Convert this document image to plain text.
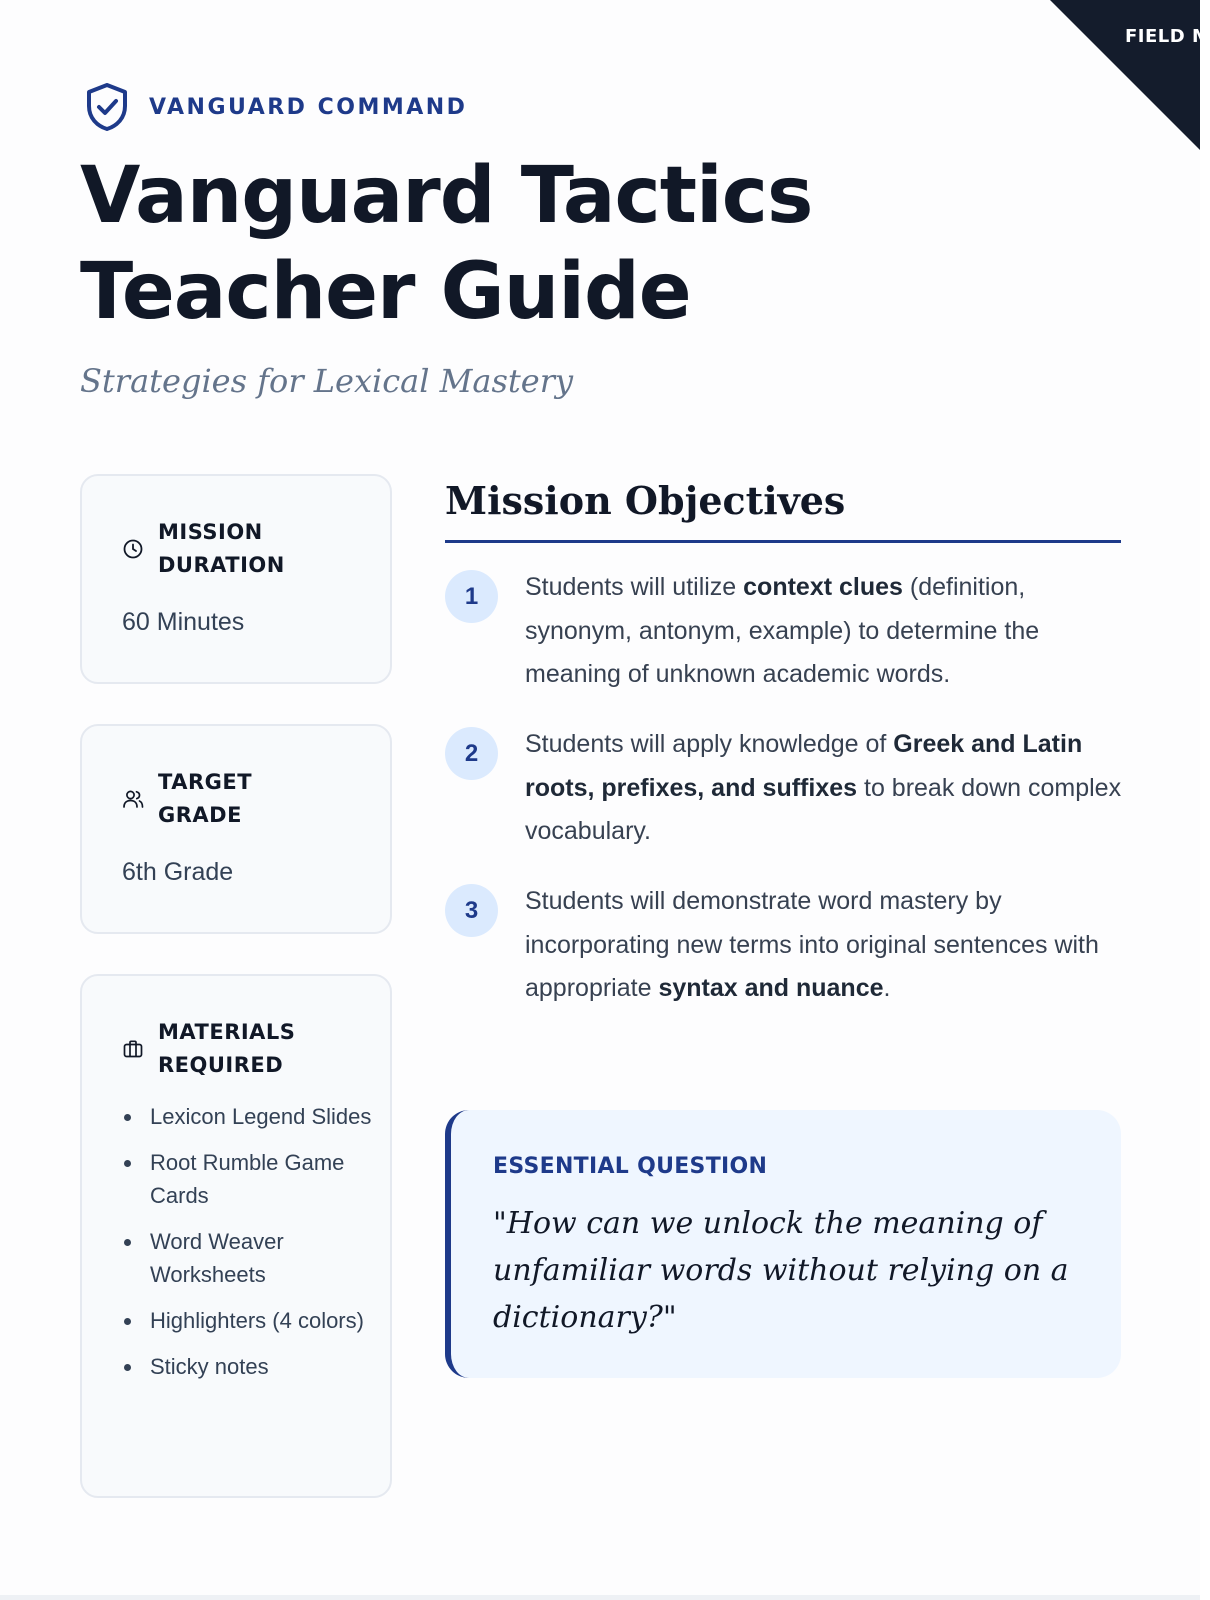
FIELD M
VANGUARD COMMAND
Vanguard Tactics
Teacher Guide
Strategies for Lexical Mastery
MISSION
DURATION
60 Minutes
TARGET
GRADE
6th Grade
MATERIALS
REQUIRED
Lexicon Legend Slides
Root Rumble Game Cards
Word Weaver Worksheets
Highlighters (4 colors)
Sticky notes
Mission Objectives
1	Students will utilize context clues (definition, synonym, antonym, example) to determine the meaning of unknown academic words.
2	Students will apply knowledge of Greek and Latin roots, prefixes, and suffixes to break down complex vocabulary.
3	Students will demonstrate word mastery by incorporating new terms into original sentences with appropriate syntax and nuance.
ESSENTIAL QUESTION
"How can we unlock the meaning of unfamiliar words without relying on a dictionary?"
